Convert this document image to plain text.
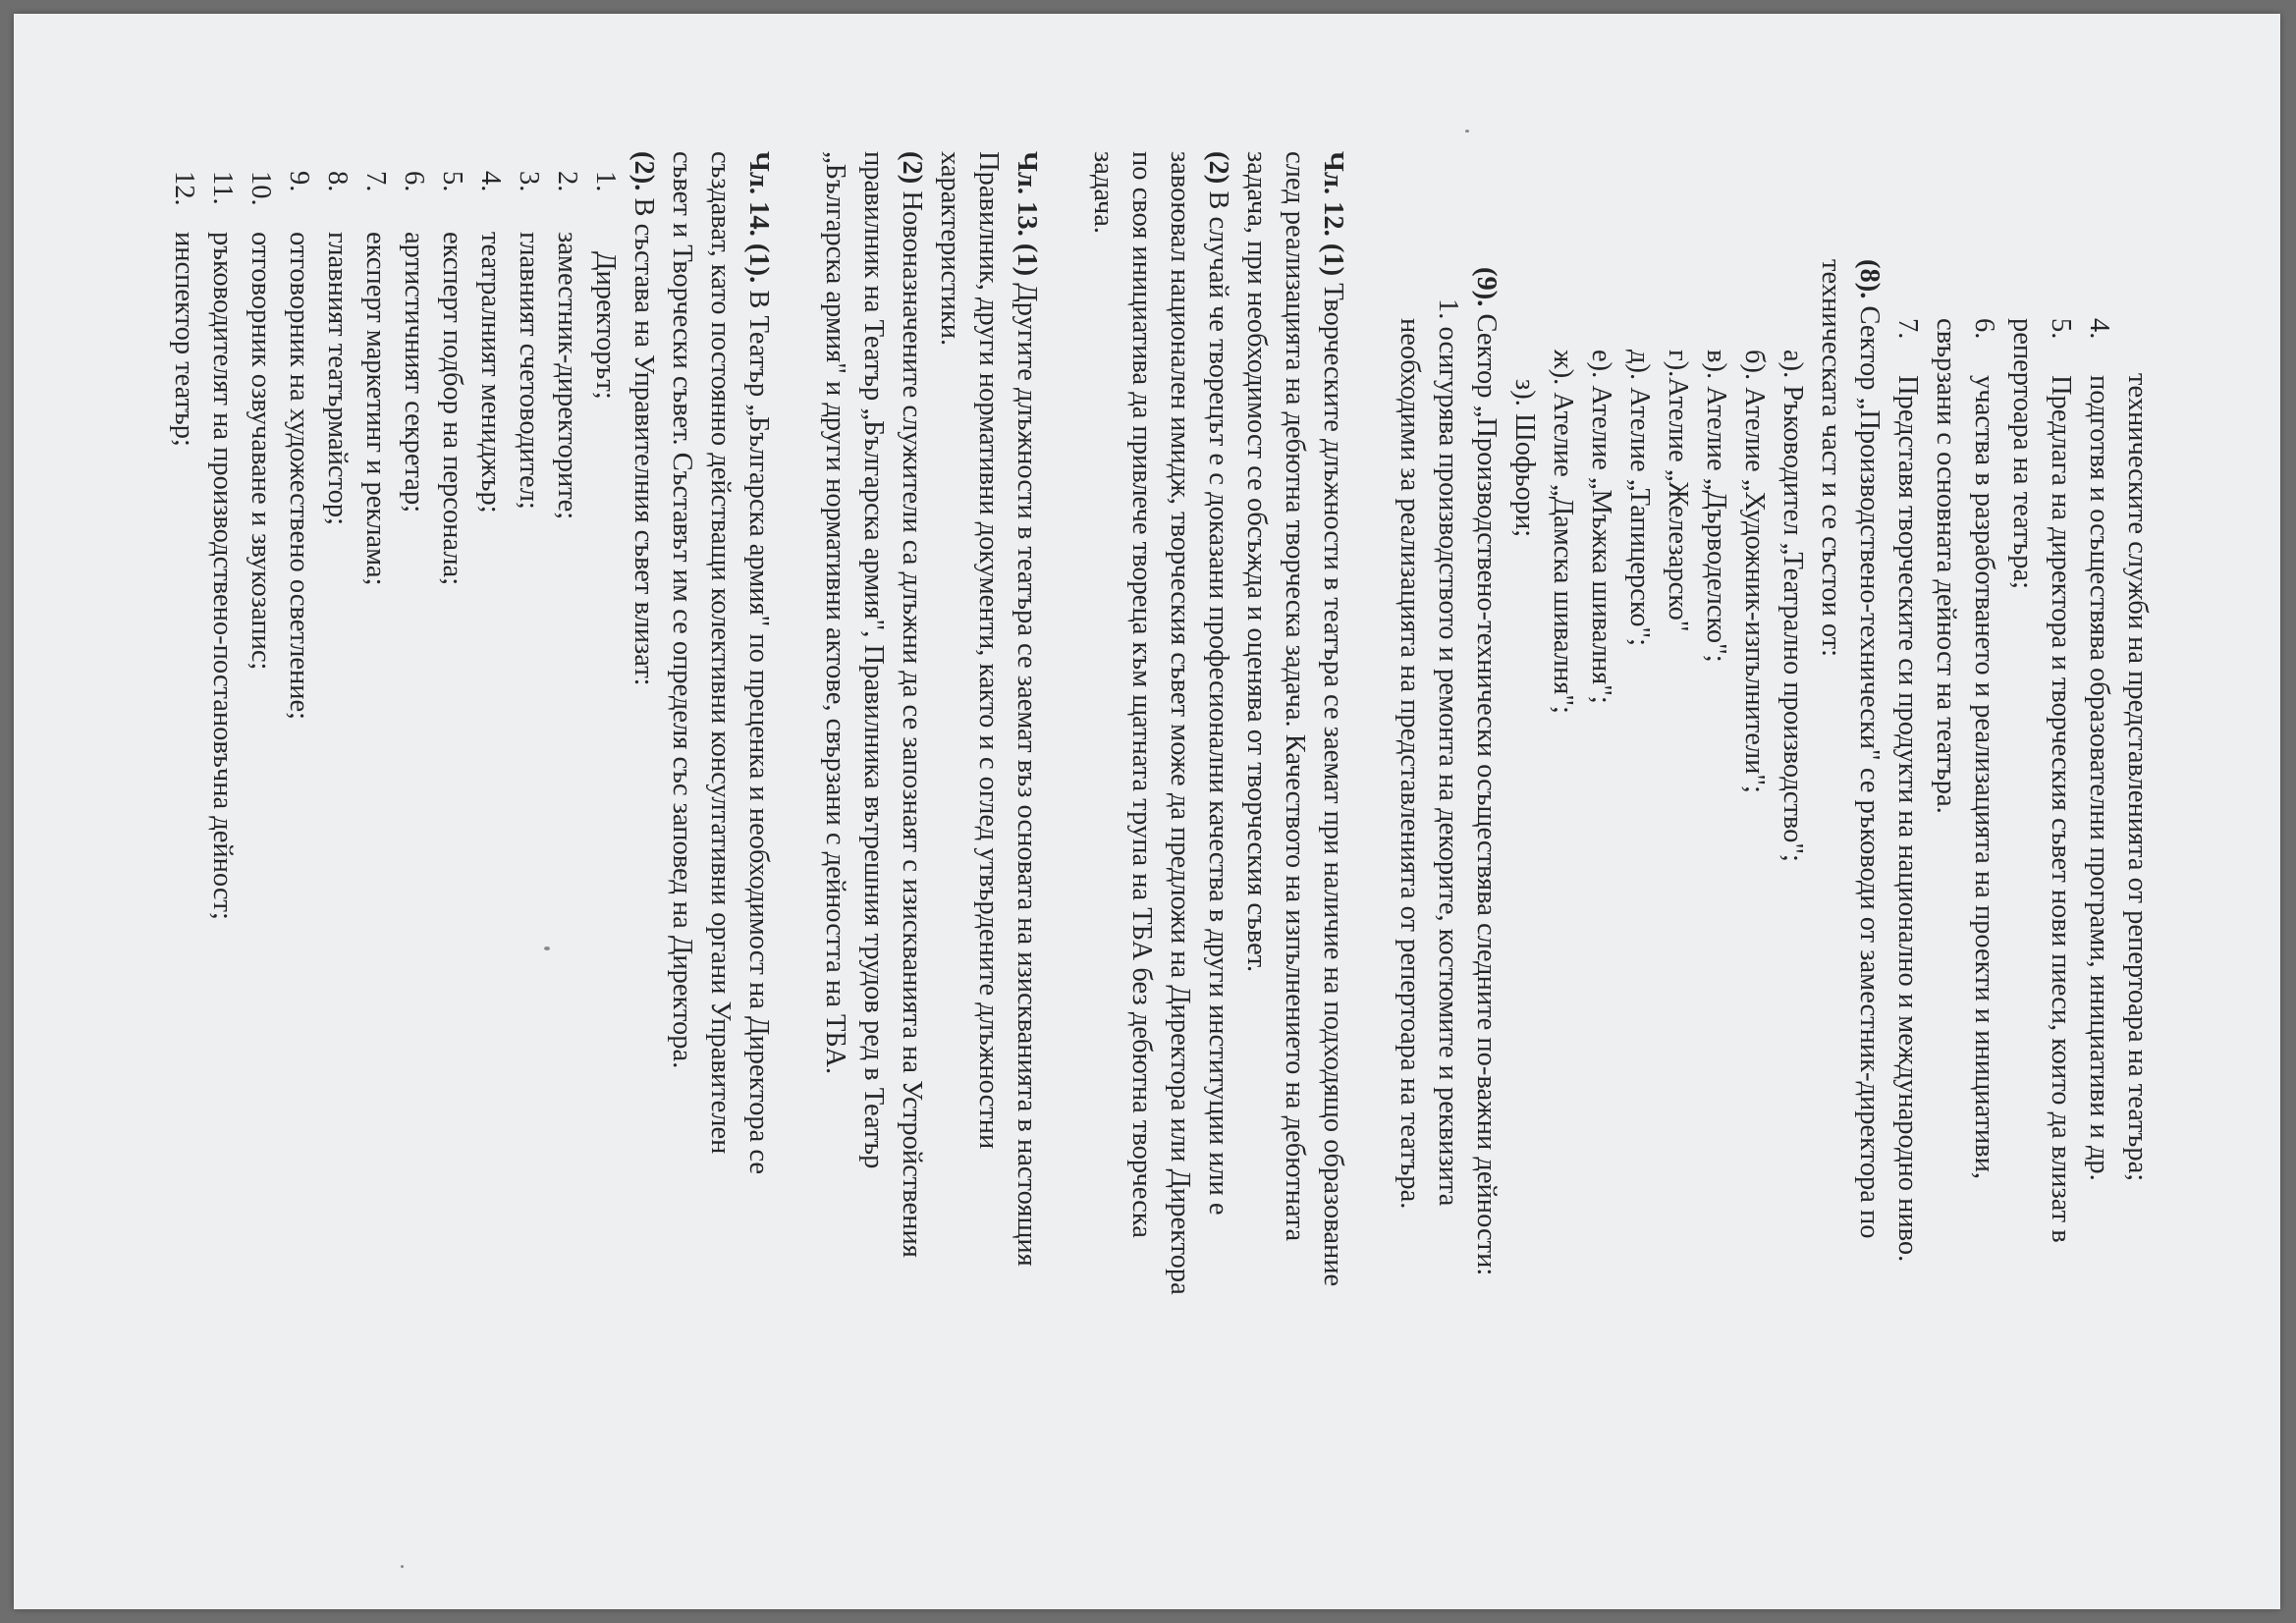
техническите служби на представленията от репертоара на театъра;
4.подготвя и осъществява образователни програми, инициативи и др.
5.Предлага на директора и творческия съвет нови пиеси, които да влизат в
репертоара на театъра;
6.участва в разработването и реализацията на проекти и инициативи,
свързани с основната дейност на театъра.
7.Представя творческите си продукти на национално и международно ниво.
(8). Сектор „Производствено-технически" се ръководи от заместник-директора по
техническата част и се състои от:
а). Ръководител „Театрално производство";
б). Ателие „Художник-изпълнители";
в). Ателие „Дърводелско";
г).Ателие „Железарско"
д). Ателие „Тапицерско";
е). Ателие „Мъжка шивалня";
ж). Ателие „Дамска шивалня";
з). Шофьори;
(9). Сектор „Производствено-технически осъществява следните по-важни дейности:
1. осигурява производството и ремонта на декорите, костюмите и реквизита
необходими за реализацията на представленията от репертоара на театъра.
Чл. 12. (1) Творческите длъжности в театъра се заемат при наличие на подходящо образование
след реализацията на дебютна творческа задача. Качеството на изпълнението на дебютната
задача, при необходимост се обсъжда и оценява от творческия съвет.
(2) В случай че творецът е с доказани професионални качества в други институции или е
завоювал национален имидж, творческия съвет може да предложи на Директора или Директора
по своя инициатива да привлече твореца към щатната трупа на ТБА без дебютна творческа
задача.
Чл. 13. (1) Другите длъжности в театъра се заемат въз основата на изискванията в настоящия
Правилник, други нормативни документи, както и с оглед утвърдените длъжностни
характеристики.
(2) Новоназначените служители са длъжни да се запознаят с изискванията на Устройствения
правилник на Театър „Българска армия", Правилника вътрешния трудов ред в Театър
„Българска армия" и други нормативни актове, свързани с дейността на ТБА.
Чл. 14. (1). В Театър „Българска армия" по преценка и необходимост на Директора се
създават, като постоянно действащи колективни консултативни органи Управителен
съвет и Творчески съвет. Съставът им се определя със заповед на Директора.
(2). В състава на Управителния съвет влизат:
1.Директорът;
2.заместник-директорите;
3.главният счетоводител;
4.театралният мениджър;
5.експерт подбор на персонала;
6.артистичният секретар;
7.експерт маркетинг и реклама;
8.главният театърмайстор;
9.отговорник на художествено осветление;
10.отговорник озвучаване и звукозапис;
11.ръководителят на производствено-постановъчна дейност;
12.инспектор театър;
